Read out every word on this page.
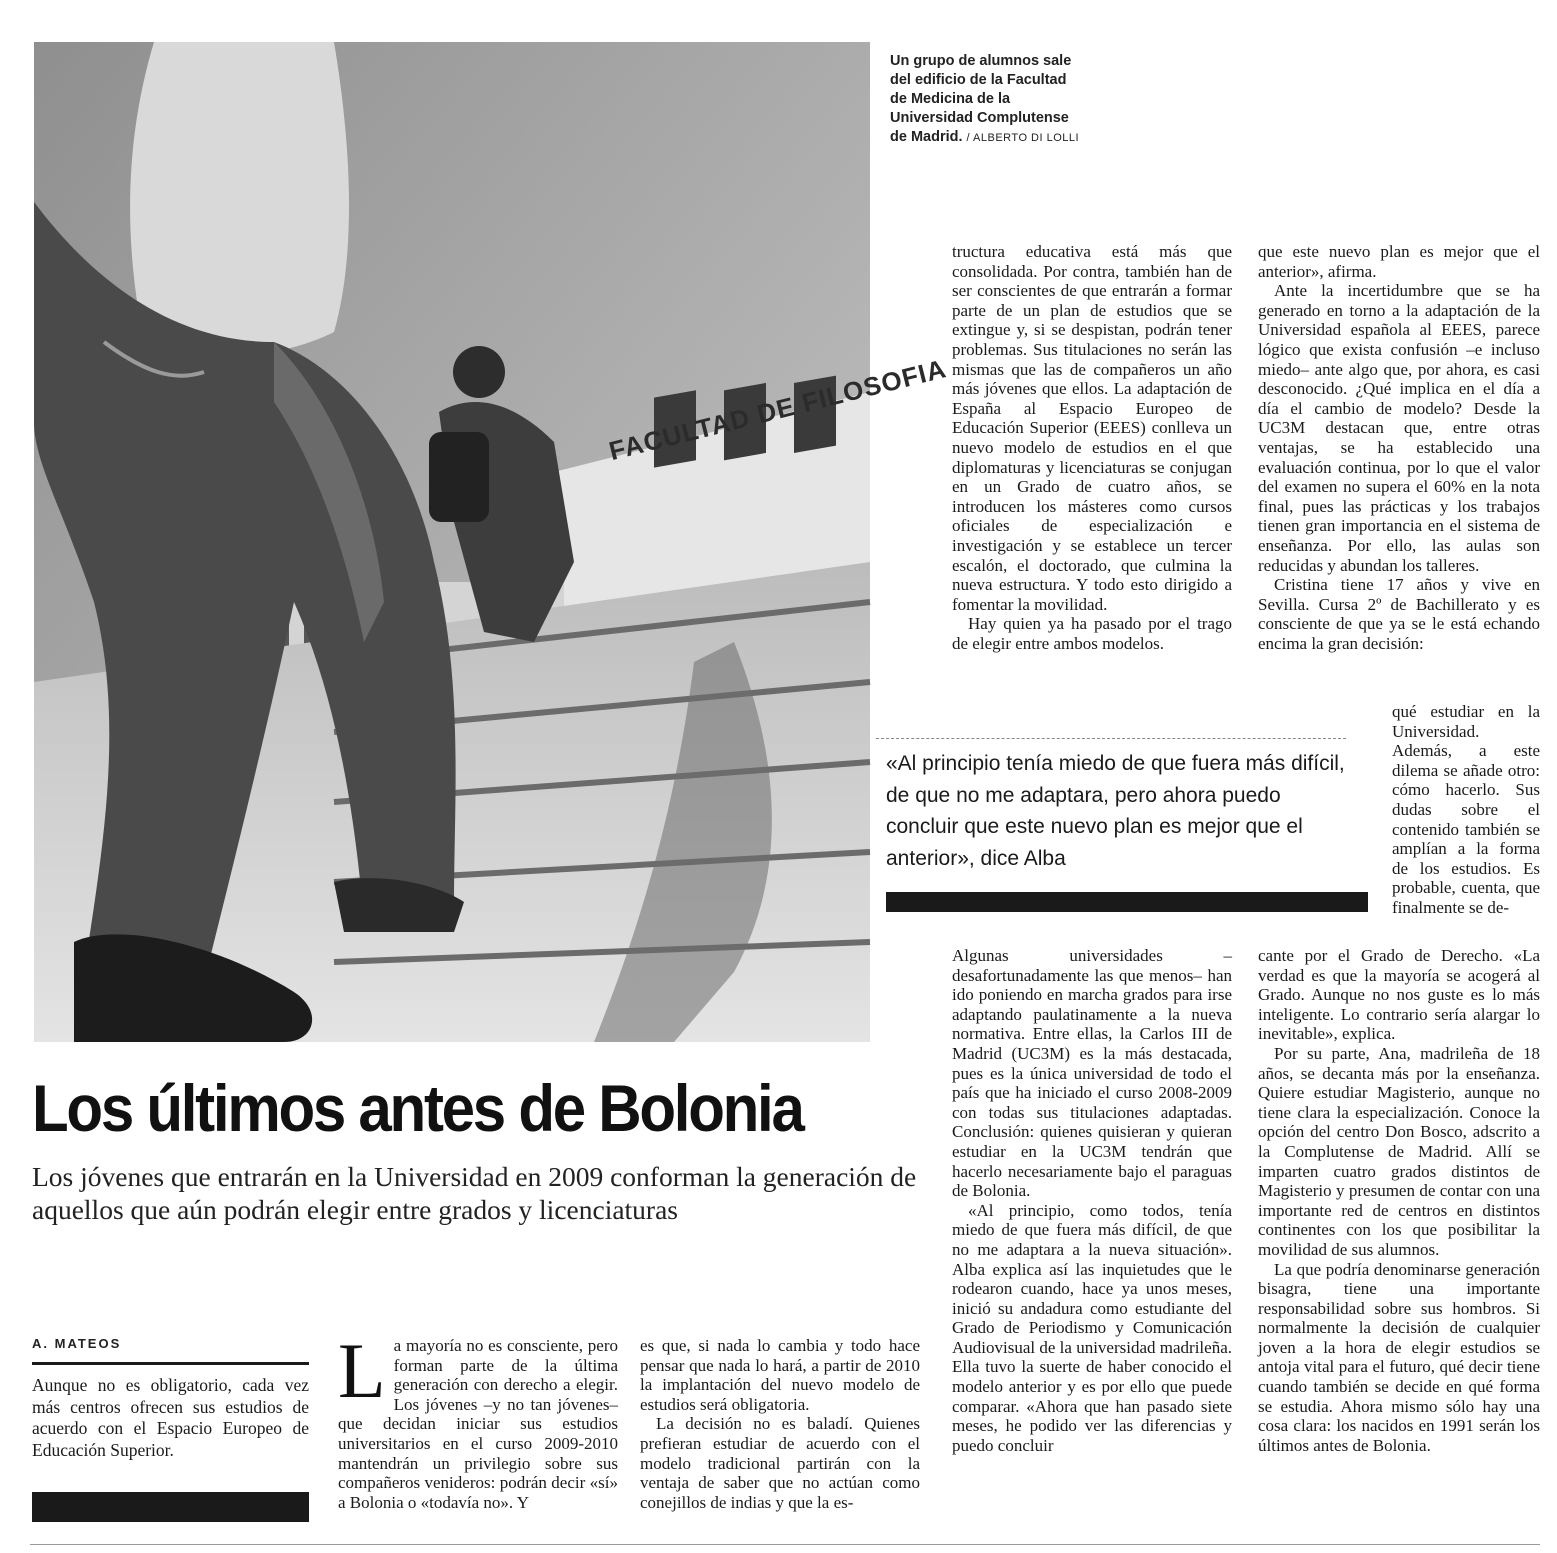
FACULTAD DE FILOSOFIA
Un grupo de alumnos sale del edificio de la Facultad de Medicina de la Universidad Complutense de Madrid. / ALBERTO DI LOLLI

tructura educativa está más que consolidada. Por contra, también han de ser conscientes de que entrarán a formar parte de un plan de estudios que se extingue y, si se despistan, podrán tener problemas. Sus titulaciones no serán las mismas que las de compañeros un año más jóvenes que ellos. La adaptación de España al Espacio Europeo de Educación Superior (EEES) conlleva un nuevo modelo de estudios en el que diplomaturas y licenciaturas se conjugan en un Grado de cuatro años, se introducen los másteres como cursos oficiales de especialización e investigación y se establece un tercer escalón, el doctorado, que culmina la nueva estructura. Y todo esto dirigido a fomentar la movilidad.

Hay quien ya ha pasado por el trago de elegir entre ambos modelos.

que este nuevo plan es mejor que el anterior», afirma.

Ante la incertidumbre que se ha generado en torno a la adaptación de la Universidad española al EEES, parece lógico que exista confusión –e incluso miedo– ante algo que, por ahora, es casi desconocido. ¿Qué implica en el día a día el cambio de modelo? Desde la UC3M destacan que, entre otras ventajas, se ha establecido una evaluación continua, por lo que el valor del examen no supera el 60% en la nota final, pues las prácticas y los trabajos tienen gran importancia en el sistema de enseñanza. Por ello, las aulas son reducidas y abundan los talleres.

Cristina tiene 17 años y vive en Sevilla. Cursa 2º de Bachillerato y es consciente de que ya se le está echando encima la gran decisión:

qué estudiar en la Universidad. Además, a este dilema se añade otro: cómo hacerlo. Sus dudas sobre el contenido también se amplían a la forma de los estudios. Es probable, cuenta, que finalmente se de-

«Al principio tenía miedo de que fuera más difícil, de que no me adaptara, pero ahora puedo concluir que este nuevo plan es mejor que el anterior», dice Alba

Algunas universidades –desafortunadamente las que menos– han ido poniendo en marcha grados para irse adaptando paulatinamente a la nueva normativa. Entre ellas, la Carlos III de Madrid (UC3M) es la más destacada, pues es la única universidad de todo el país que ha iniciado el curso 2008-2009 con todas sus titulaciones adaptadas. Conclusión: quienes quisieran y quieran estudiar en la UC3M tendrán que hacerlo necesariamente bajo el paraguas de Bolonia.

«Al principio, como todos, tenía miedo de que fuera más difícil, de que no me adaptara a la nueva situación». Alba explica así las inquietudes que le rodearon cuando, hace ya unos meses, inició su andadura como estudiante del Grado de Periodismo y Comunicación Audiovisual de la universidad madrileña. Ella tuvo la suerte de haber conocido el modelo anterior y es por ello que puede comparar. «Ahora que han pasado siete meses, he podido ver las diferencias y puedo concluir

cante por el Grado de Derecho. «La verdad es que la mayoría se acogerá al Grado. Aunque no nos guste es lo más inteligente. Lo contrario sería alargar lo inevitable», explica.

Por su parte, Ana, madrileña de 18 años, se decanta más por la enseñanza. Quiere estudiar Magisterio, aunque no tiene clara la especialización. Conoce la opción del centro Don Bosco, adscrito a la Complutense de Madrid. Allí se imparten cuatro grados distintos de Magisterio y presumen de contar con una importante red de centros en distintos continentes con los que posibilitar la movilidad de sus alumnos.

La que podría denominarse generación bisagra, tiene una importante responsabilidad sobre sus hombros. Si normalmente la decisión de cualquier joven a la hora de elegir estudios se antoja vital para el futuro, qué decir tiene cuando también se decide en qué forma se estudia. Ahora mismo sólo hay una cosa clara: los nacidos en 1991 serán los últimos antes de Bolonia.

Los últimos antes de Bolonia
Los jóvenes que entrarán en la Universidad en 2009 conforman la generación de aquellos que aún podrán elegir entre grados y licenciaturas
A. MATEOS
Aunque no es obligatorio, cada vez más centros ofrecen sus estudios de acuerdo con el Espacio Europeo de Educación Superior.

La mayoría no es consciente, pero forman parte de la última generación con derecho a elegir. Los jóvenes –y no tan jóvenes– que decidan iniciar sus estudios universitarios en el curso 2009-2010 mantendrán un privilegio sobre sus compañeros venideros: podrán decir «sí» a Bolonia o «todavía no». Y

es que, si nada lo cambia y todo hace pensar que nada lo hará, a partir de 2010 la implantación del nuevo modelo de estudios será obligatoria.

La decisión no es baladí. Quienes prefieran estudiar de acuerdo con el modelo tradicional partirán con la ventaja de saber que no actúan como conejillos de indias y que la es-
